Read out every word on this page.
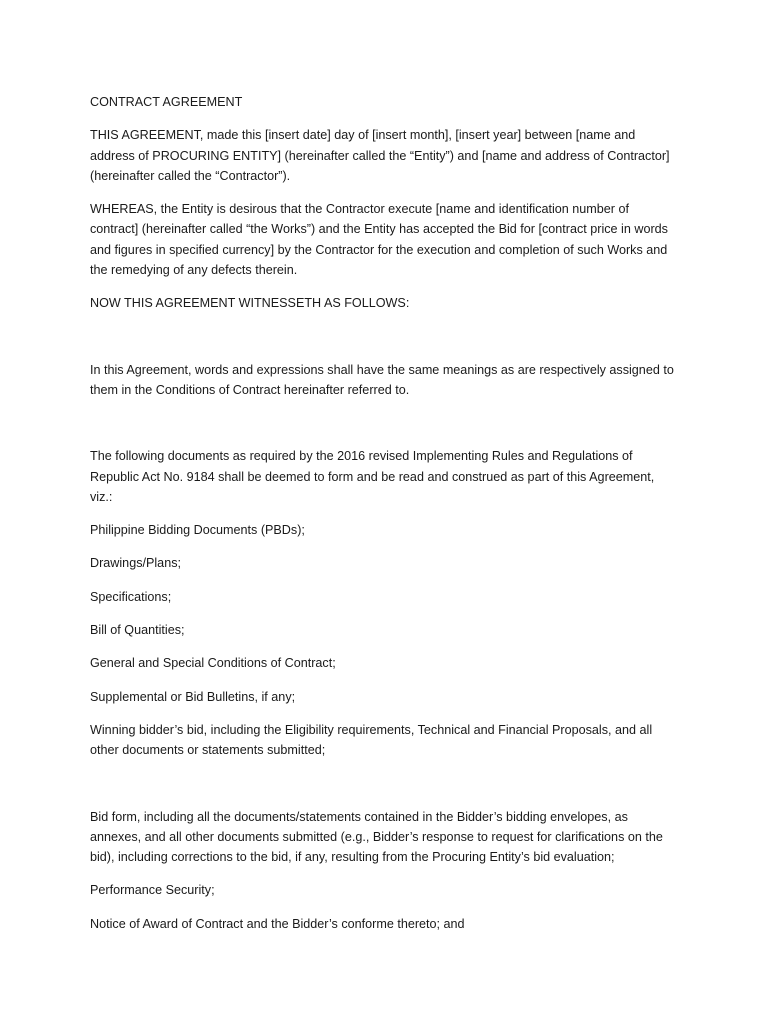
CONTRACT AGREEMENT

THIS AGREEMENT, made this [insert date] day of [insert month], [insert year] between [name and address of PROCURING ENTITY] (hereinafter called the “Entity”) and [name and address of Contractor] (hereinafter called the “Contractor”).

WHEREAS, the Entity is desirous that the Contractor execute [name and identification number of contract] (hereinafter called “the Works”) and the Entity has accepted the Bid for [contract price in words and figures in specified currency] by the Contractor for the execution and completion of such Works and the remedying of any defects therein.

NOW THIS AGREEMENT WITNESSETH AS FOLLOWS:

In this Agreement, words and expressions shall have the same meanings as are respectively assigned to them in the Conditions of Contract hereinafter referred to.

The following documents as required by the 2016 revised Implementing Rules and Regulations of Republic Act No. 9184 shall be deemed to form and be read and construed as part of this Agreement, viz.:

Philippine Bidding Documents (PBDs);

Drawings/Plans;

Specifications;

Bill of Quantities;

General and Special Conditions of Contract;

Supplemental or Bid Bulletins, if any;

Winning bidder’s bid, including the Eligibility requirements, Technical and Financial Proposals, and all other documents or statements submitted;

Bid form, including all the documents/statements contained in the Bidder’s bidding envelopes, as annexes, and all other documents submitted (e.g., Bidder’s response to request for clarifications on the bid), including corrections to the bid, if any, resulting from the Procuring Entity’s bid evaluation;

Performance Security;

Notice of Award of Contract and the Bidder’s conforme thereto; and
